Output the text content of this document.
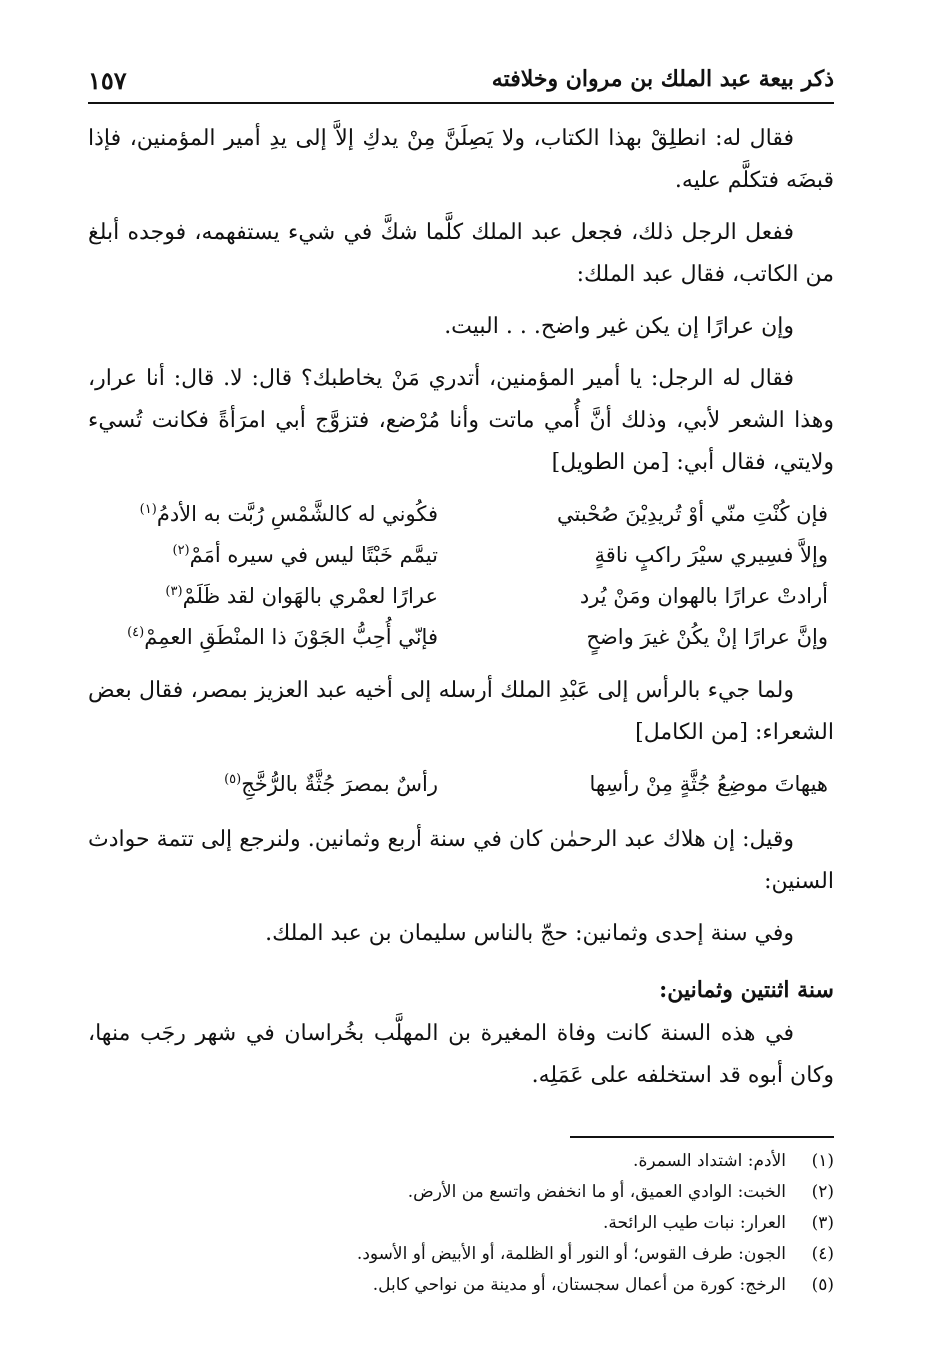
ذكر بيعة عبد الملك بن مروان وخلافته
١٥٧

فقال له: انطلِقْ بهذا الكتاب، ولا يَصِلَنَّ مِنْ يدكِ إلاَّ إلى يدِ أمير المؤمنين، فإذا قبضَه فتكلَّم عليه.

ففعل الرجل ذلك، فجعل عبد الملك كلَّما شكَّ في شيء يستفهمه، فوجده أبلغ من الكاتب، فقال عبد الملك:

وإن عرارًا إن يكن غير واضح. . . البيت.

فقال له الرجل: يا أمير المؤمنين، أتدري مَنْ يخاطبك؟ قال: لا. قال: أنا عرار، وهذا الشعر لأبي، وذلك أنَّ أُمي ماتت وأنا مُرْضع، فتزوَّج أبي امرَأةً فكانت تُسيء ولايتي، فقال أبي: [من الطويل]

فإن كُنْتِ منّي أوْ تُريدِيْنَ صُحْبتي
فكُوني له كالشَّمْسِ رُبَّت به الأدمُ$^{(١)}$
وإلاَّ فسِيري سيْرَ راكبٍ ناقةٍ
تيمَّم خَبْتًا ليس في سيره أمَمْ$^{(٢)}$
أرادتْ عرارًا بالهوان ومَنْ يُرد
عرارًا لعمْري بالهَوان لقد ظَلَمْ$^{(٣)}$
وإنَّ عرارًا إنْ يكُنْ غيرَ واضحٍ
فإنّي أُحِبُّ الجَوْنَ ذا المنْطَقِ العمِمْ$^{(٤)}$

ولما جيء بالرأس إلى عَبْدِ الملك أرسله إلى أخيه عبد العزيز بمصر، فقال بعض الشعراء: [من الكامل]

هيهاتَ موضِعُ جُثَّةٍ مِنْ رأسِها
رأسٌ بمصرَ جُثَّةٌ بالرُّخَّجِ$^{(٥)}$

وقيل: إن هلاك عبد الرحمٰن كان في سنة أربع وثمانين. ولنرجع إلى تتمة حوادث السنين:

وفي سنة إحدى وثمانين: حجّ بالناس سليمان بن عبد الملك.

سنة اثنتين وثمانين:

في هذه السنة كانت وفاة المغيرة بن المهلَّب بخُراسان في شهر رجَب منها، وكان أبوه قد استخلفه على عَمَلِه.

(١)الأدم: اشتداد السمرة.
(٢)الخبت: الوادي العميق، أو ما انخفض واتسع من الأرض.
(٣)العرار: نبات طيب الرائحة.
(٤)الجون: طرف القوس؛ أو النور أو الظلمة، أو الأبيض أو الأسود.
(٥)الرخج: كورة من أعمال سجستان، أو مدينة من نواحي كابل.
